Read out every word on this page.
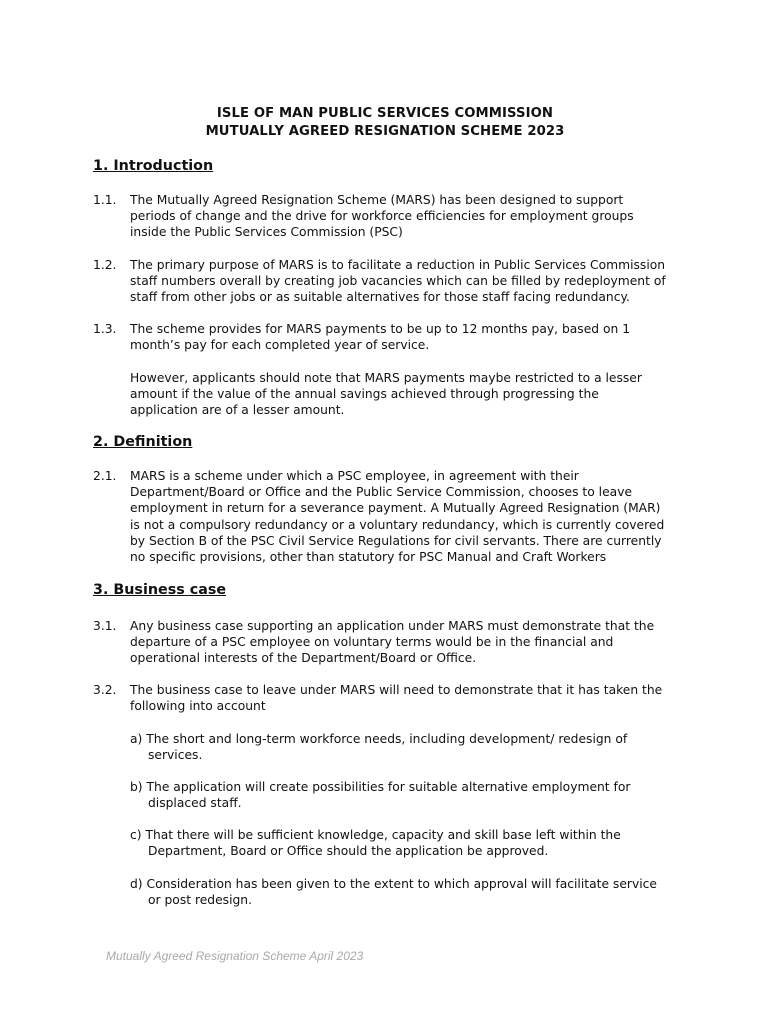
ISLE OF MAN PUBLIC SERVICES COMMISSION
MUTUALLY AGREED RESIGNATION SCHEME 2023
1. Introduction
1.1. The Mutually Agreed Resignation Scheme (MARS) has been designed to support
periods of change and the drive for workforce efficiencies for employment groups
inside the Public Services Commission (PSC)
1.2. The primary purpose of MARS is to facilitate a reduction in Public Services Commission
staff numbers overall by creating job vacancies which can be filled by redeployment of
staff from other jobs or as suitable alternatives for those staff facing redundancy.
1.3. The scheme provides for MARS payments to be up to 12 months pay, based on 1
month’s pay for each completed year of service.
However, applicants should note that MARS payments maybe restricted to a lesser
amount if the value of the annual savings achieved through progressing the
application are of a lesser amount.
2. Definition
2.1. MARS is a scheme under which a PSC employee, in agreement with their
Department/Board or Office and the Public Service Commission, chooses to leave
employment in return for a severance payment. A Mutually Agreed Resignation (MAR)
is not a compulsory redundancy or a voluntary redundancy, which is currently covered
by Section B of the PSC Civil Service Regulations for civil servants. There are currently
no specific provisions, other than statutory for PSC Manual and Craft Workers
3. Business case
3.1. Any business case supporting an application under MARS must demonstrate that the
departure of a PSC employee on voluntary terms would be in the financial and
operational interests of the Department/Board or Office.
3.2. The business case to leave under MARS will need to demonstrate that it has taken the
following into account
a) The short and long-term workforce needs, including development/ redesign of
services.
b) The application will create possibilities for suitable alternative employment for
displaced staff.
c) That there will be sufficient knowledge, capacity and skill base left within the
Department, Board or Office should the application be approved.
d) Consideration has been given to the extent to which approval will facilitate service
or post redesign.
Mutually Agreed Resignation Scheme April 2023
